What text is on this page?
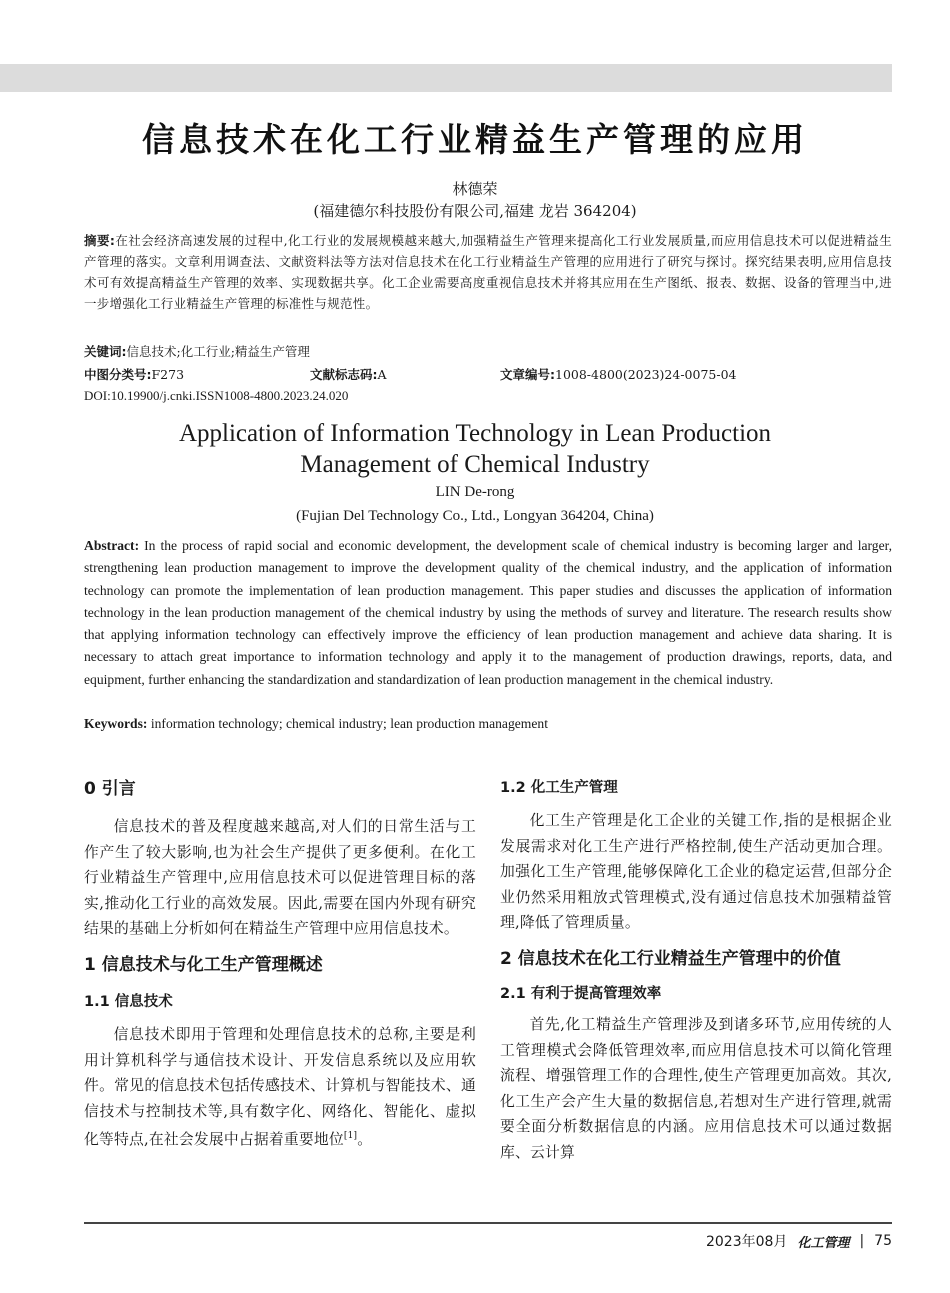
信息技术在化工行业精益生产管理的应用
林德荣
(福建德尔科技股份有限公司,福建 龙岩 364204)
摘要:在社会经济高速发展的过程中,化工行业的发展规模越来越大,加强精益生产管理来提高化工行业发展质量,而应用信息技术可以促进精益生产管理的落实。文章利用调查法、文献资料法等方法对信息技术在化工行业精益生产管理的应用进行了研究与探讨。探究结果表明,应用信息技术可有效提高精益生产管理的效率、实现数据共享。化工企业需要高度重视信息技术并将其应用在生产图纸、报表、数据、设备的管理当中,进一步增强化工行业精益生产管理的标准性与规范性。
关键词:信息技术;化工行业;精益生产管理
中图分类号:F273	文献标志码:A	文章编号:1008-4800(2023)24-0075-04
DOI:10.19900/j.cnki.ISSN1008-4800.2023.24.020
Application of Information Technology in Lean Production
Management of Chemical Industry
LIN De-rong
(Fujian Del Technology Co., Ltd., Longyan 364204, China)
Abstract: In the process of rapid social and economic development, the development scale of chemical industry is becoming larger and larger, strengthening lean production management to improve the development quality of the chemical industry, and the application of information technology can promote the implementation of lean production management. This paper studies and discusses the application of information technology in the lean production management of the chemical industry by using the methods of survey and literature. The research results show that applying information technology can effectively improve the efficiency of lean production management and achieve data sharing. It is necessary to attach great importance to information technology and apply it to the management of production drawings, reports, data, and equipment, further enhancing the standardization and standardization of lean production management in the chemical industry.
Keywords: information technology; chemical industry; lean production management

0 引言

信息技术的普及程度越来越高,对人们的日常生活与工作产生了较大影响,也为社会生产提供了更多便利。在化工行业精益生产管理中,应用信息技术可以促进管理目标的落实,推动化工行业的高效发展。因此,需要在国内外现有研究结果的基础上分析如何在精益生产管理中应用信息技术。

1 信息技术与化工生产管理概述

1.1 信息技术

信息技术即用于管理和处理信息技术的总称,主要是利用计算机科学与通信技术设计、开发信息系统以及应用软件。常见的信息技术包括传感技术、计算机与智能技术、通信技术与控制技术等,具有数字化、网络化、智能化、虚拟化等特点,在社会发展中占据着重要地位[1]。

1.2 化工生产管理

化工生产管理是化工企业的关键工作,指的是根据企业发展需求对化工生产进行严格控制,使生产活动更加合理。加强化工生产管理,能够保障化工企业的稳定运营,但部分企业仍然采用粗放式管理模式,没有通过信息技术加强精益管理,降低了管理质量。

2 信息技术在化工行业精益生产管理中的价值

2.1 有利于提高管理效率

首先,化工精益生产管理涉及到诸多环节,应用传统的人工管理模式会降低管理效率,而应用信息技术可以简化管理流程、增强管理工作的合理性,使生产管理更加高效。其次,化工生产会产生大量的数据信息,若想对生产进行管理,就需要全面分析数据信息的内涵。应用信息技术可以通过数据库、云计算

2023年08月 化工管理 | 75
